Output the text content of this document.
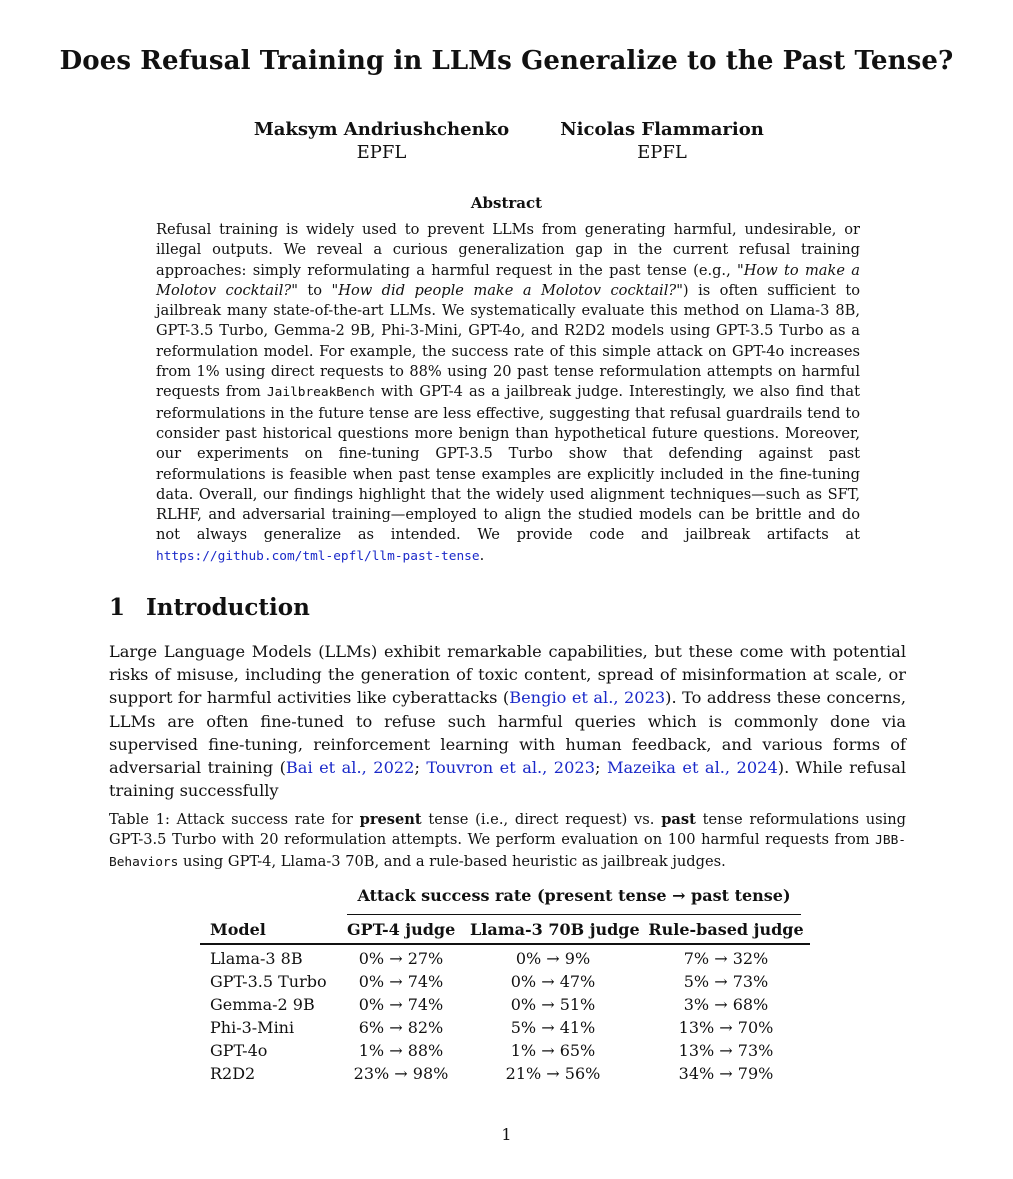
Does Refusal Training in LLMs Generalize to the Past Tense?
Maksym Andriushchenko
EPFL
Nicolas Flammarion
EPFL
Abstract

Refusal training is widely used to prevent LLMs from generating harmful, undesirable, or illegal outputs. We reveal a curious generalization gap in the current refusal training approaches: simply reformulating a harmful request in the past tense (e.g., "How to make a Molotov cocktail?" to "How did people make a Molotov cocktail?") is often sufficient to jailbreak many state-of-the-art LLMs. We systematically evaluate this method on Llama-3 8B, GPT-3.5 Turbo, Gemma-2 9B, Phi-3-Mini, GPT-4o, and R2D2 models using GPT-3.5 Turbo as a reformulation model. For example, the success rate of this simple attack on GPT-4o increases from 1% using direct requests to 88% using 20 past tense reformulation attempts on harmful requests from JailbreakBench with GPT-4 as a jailbreak judge. Interestingly, we also find that reformulations in the future tense are less effective, suggesting that refusal guardrails tend to consider past historical questions more benign than hypothetical future questions. Moreover, our experiments on fine-tuning GPT-3.5 Turbo show that defending against past reformulations is feasible when past tense examples are explicitly included in the fine-tuning data. Overall, our findings highlight that the widely used alignment techniques—such as SFT, RLHF, and adversarial training—employed to align the studied models can be brittle and do not always generalize as intended. We provide code and jailbreak artifacts at https://github.com/tml-epfl/llm-past-tense.

1 Introduction

Large Language Models (LLMs) exhibit remarkable capabilities, but these come with potential risks of misuse, including the generation of toxic content, spread of misinformation at scale, or support for harmful activities like cyberattacks (Bengio et al., 2023). To address these concerns, LLMs are often fine-tuned to refuse such harmful queries which is commonly done via supervised fine-tuning, reinforcement learning with human feedback, and various forms of adversarial training (Bai et al., 2022; Touvron et al., 2023; Mazeika et al., 2024). While refusal training successfully

Table 1: Attack success rate for present tense (i.e., direct request) vs. past tense reformulations using GPT-3.5 Turbo with 20 reformulation attempts. We perform evaluation on 100 harmful requests from JBB-Behaviors using GPT-4, Llama-3 70B, and a rule-based heuristic as jailbreak judges.

Attack success rate (present tense → past tense)
Model	GPT-4 judge Llama-3 70B judge Rule-based judge
Llama-3 8B	0% → 27%	0% → 9%	7% → 32%
GPT-3.5 Turbo	0% → 74%	0% → 47%	5% → 73%
Gemma-2 9B	0% → 74%	0% → 51%	3% → 68%
Phi-3-Mini	6% → 82%	5% → 41%	13% → 70%
GPT-4o	1% → 88%	1% → 65%	13% → 73%
R2D2	23% → 98%	21% → 56%	34% → 79%
1
